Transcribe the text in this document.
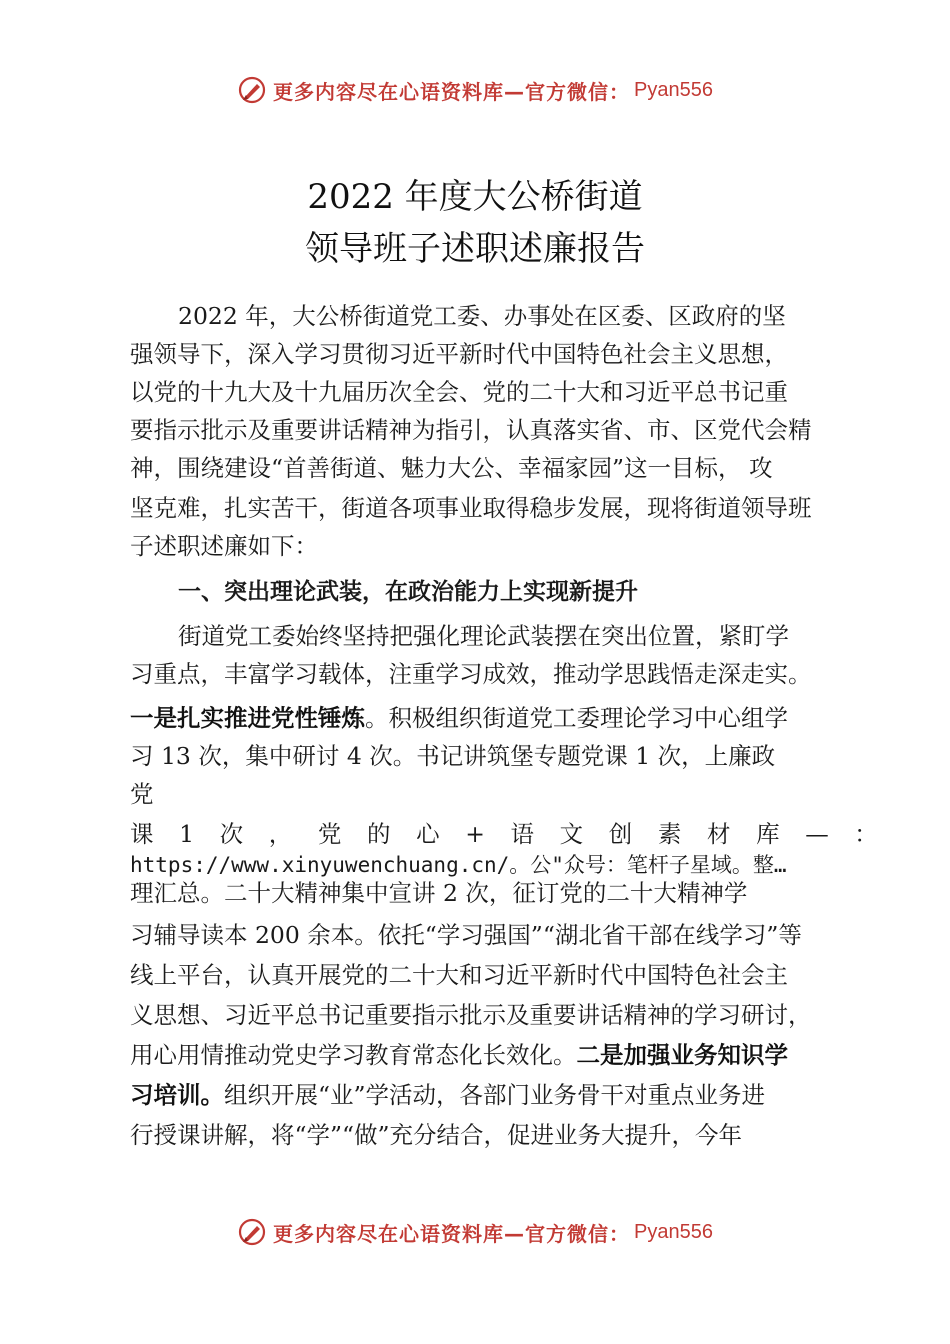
更多内容尽在心语资料库—官方微信： Pyan556
2022 年度大公桥街道
领导班子述职述廉报告
2022 年，大公桥街道党工委、办事处在区委、区政府的坚
强领导下，深入学习贯彻习近平新时代中国特色社会主义思想，
以党的十九大及十九届历次全会、党的二十大和习近平总书记重
要指示批示及重要讲话精神为指引，认真落实省、市、区党代会精
神，围绕建设“首善街道、魅力大公、幸福家园”这一目标， 攻
坚克难，扎实苦干，街道各项事业取得稳步发展，现将街道领导班
子述职述廉如下：
一、突出理论武装，在政治能力上实现新提升
街道党工委始终坚持把强化理论武装摆在突出位置，紧盯学
习重点，丰富学习载体，注重学习成效，推动学思践悟走深走实。
一是扎实推进党性锤炼。积极组织街道党工委理论学习中心组学
习 13 次，集中研讨 4 次。书记讲筑堡专题党课 1 次，上廉政
党
课 1 次 ， 党 的 心 + 语 文 创 素 材 库 — ：
https://www.xinyuwenchuang.cn/。公"众号：笔杆子星域。整…
理汇总。二十大精神集中宣讲 2 次，征订党的二十大精神学
习辅导读本 200 余本。依托“学习强国”“湖北省干部在线学习”等
线上平台，认真开展党的二十大和习近平新时代中国特色社会主
义思想、习近平总书记重要指示批示及重要讲话精神的学习研讨，
用心用情推动党史学习教育常态化长效化。二是加强业务知识学
习培训。组织开展“业”学活动，各部门业务骨干对重点业务进
行授课讲解，将“学”“做”充分结合，促进业务大提升，今年
更多内容尽在心语资料库—官方微信： Pyan556
